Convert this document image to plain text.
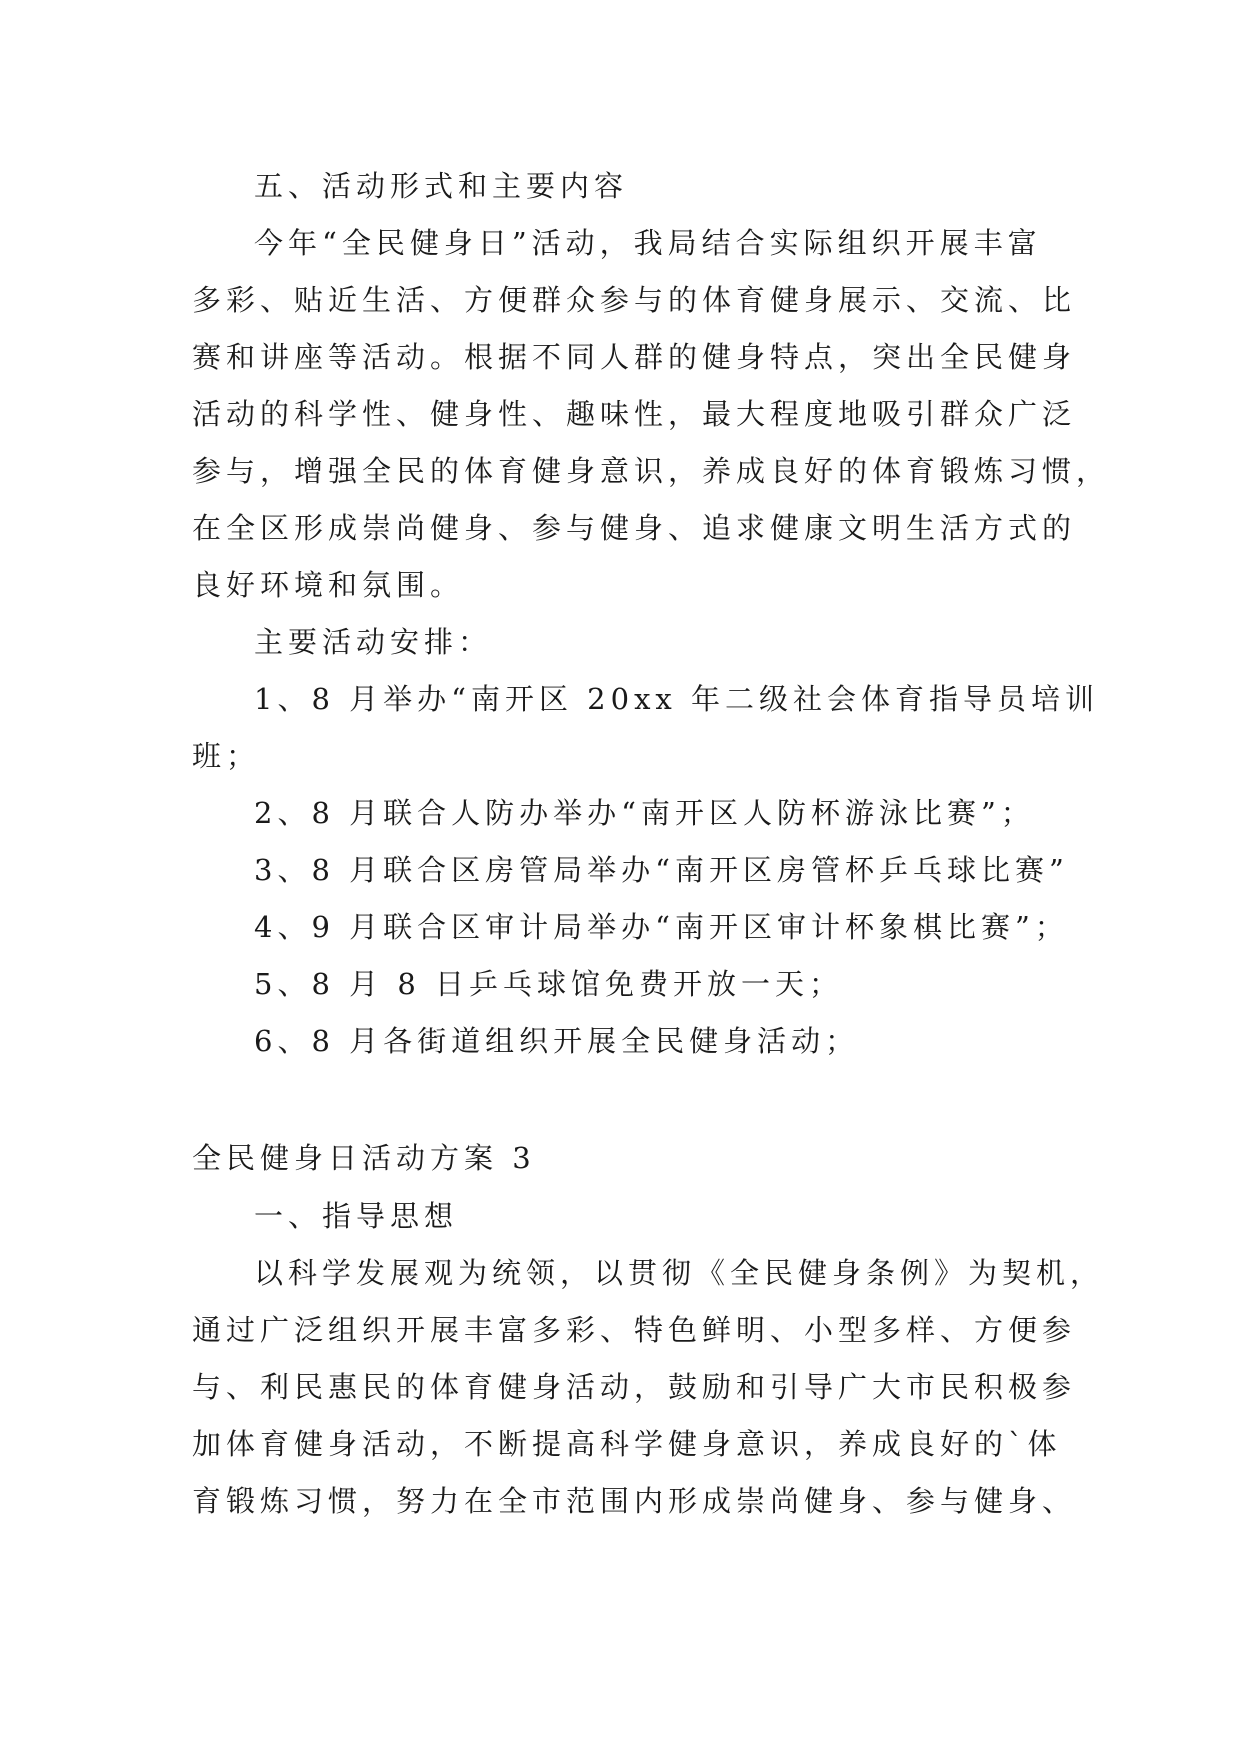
五、活动形式和主要内容
今年“全民健身日”活动，我局结合实际组织开展丰富
多彩、贴近生活、方便群众参与的体育健身展示、交流、比
赛和讲座等活动。根据不同人群的健身特点，突出全民健身
活动的科学性、健身性、趣味性，最大程度地吸引群众广泛
参与，增强全民的体育健身意识，养成良好的体育锻炼习惯，
在全区形成崇尚健身、参与健身、追求健康文明生活方式的
良好环境和氛围。
主要活动安排：
1、8 月举办“南开区 20xx 年二级社会体育指导员培训
班；
2、8 月联合人防办举办“南开区人防杯游泳比赛”；
3、8 月联合区房管局举办“南开区房管杯乒乓球比赛”
4、9 月联合区审计局举办“南开区审计杯象棋比赛”；
5、8 月 8 日乒乓球馆免费开放一天；
6、8 月各街道组织开展全民健身活动；
全民健身日活动方案 3
一、指导思想
以科学发展观为统领，以贯彻《全民健身条例》为契机，
通过广泛组织开展丰富多彩、特色鲜明、小型多样、方便参
与、利民惠民的体育健身活动，鼓励和引导广大市民积极参
加体育健身活动，不断提高科学健身意识，养成良好的`体
育锻炼习惯，努力在全市范围内形成崇尚健身、参与健身、
